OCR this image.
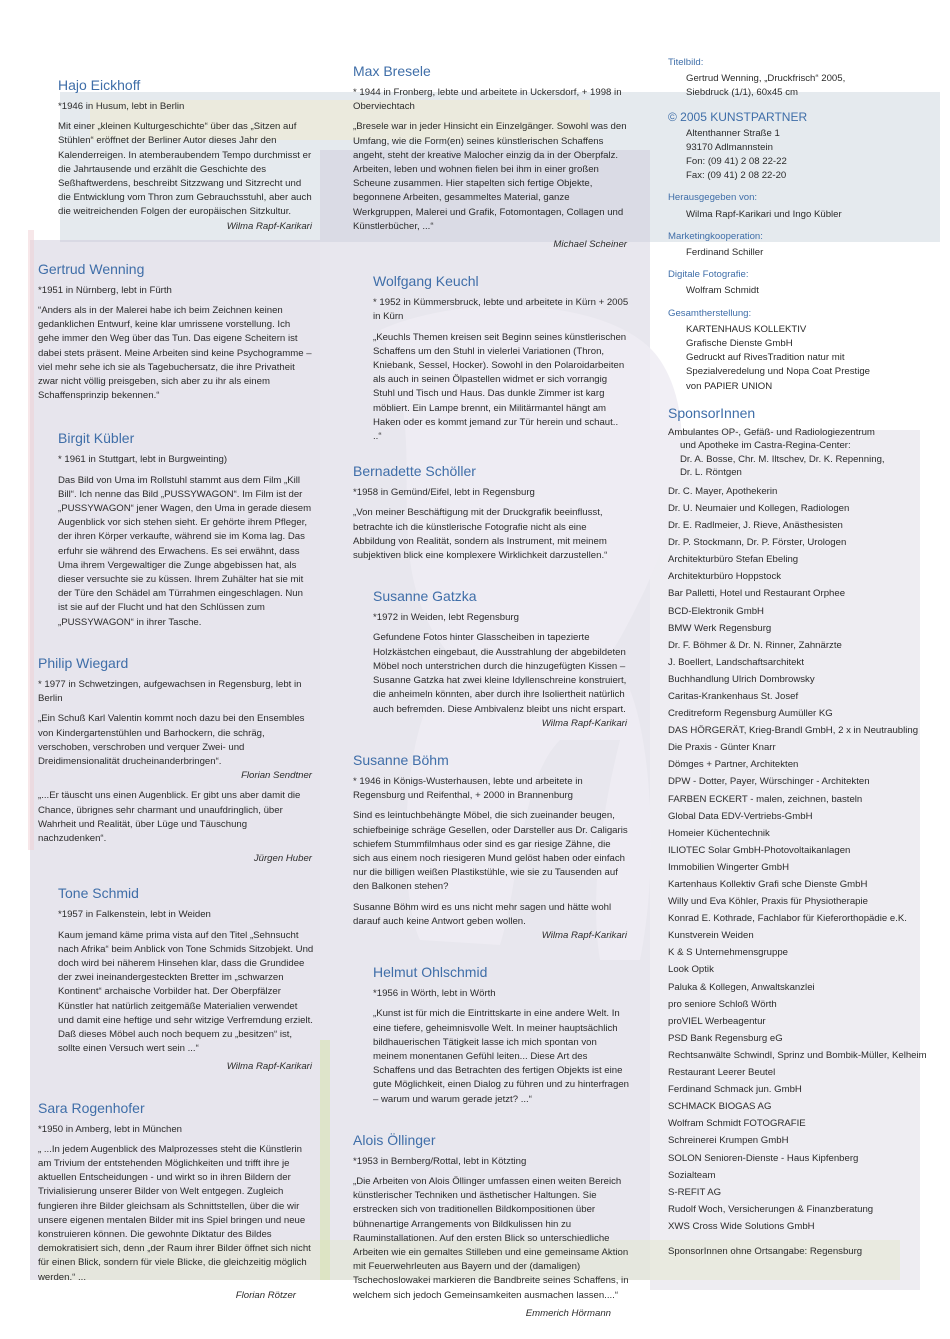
Hajo Eickhoff
*1946 in Husum, lebt in Berlin

Mit einer „kleinen Kulturgeschichte“ über das „Sitzen auf Stühlen“ eröffnet der Berliner Autor dieses Jahr den Kalenderreigen. In atemberaubendem Tempo durchmisst er die Jahrtausende und erzählt die Geschichte des Seßhaftwerdens, beschreibt Sitzzwang und Sitzrecht und die Entwicklung vom Thron zum Gebrauchsstuhl, aber auch die weitreichenden Folgen der europäischen Sitzkultur.

Wilma Rapf-Karikari

Gertrud Wenning
*1951 in Nürnberg, lebt in Fürth

“Anders als in der Malerei habe ich beim Zeichnen keinen gedanklichen Entwurf, keine klar umrissene vorstellung. Ich gehe immer den Weg über das Tun. Das eigene Scheitern ist dabei stets präsent. Meine Arbeiten sind keine Psychogramme – viel mehr sehe ich sie als Tagebuchersatz, die ihre Privatheit zwar nicht völlig preisgeben, sich aber zu ihr als einem Schaffensprinzip bekennen.“

Birgit Kübler
* 1961 in Stuttgart, lebt in Burgweinting)

Das Bild von Uma im Rollstuhl stammt aus dem Film „Kill Bill“. Ich nenne das Bild „PUSSYWAGON“. Im Film ist der „PUSSYWAGON“ jener Wagen, den Uma in gerade diesem Augenblick vor sich stehen sieht. Er gehörte ihrem Pfleger, der ihren Körper verkaufte, während sie im Koma lag. Das erfuhr sie während des Erwachens. Es sei erwähnt, dass Uma ihrem Vergewaltiger die Zunge abgebissen hat, als dieser versuchte sie zu küssen. Ihrem Zuhälter hat sie mit der Türe den Schädel am Türrahmen eingeschlagen. Nun ist sie auf der Flucht und hat den Schlüssen zum „PUSSYWAGON“ in ihrer Tasche.

Philip Wiegard
* 1977 in Schwetzingen, aufgewachsen in Regensburg, lebt in Berlin

„Ein Schuß Karl Valentin kommt noch dazu bei den Ensembles von Kindergartenstühlen und Barhockern, die schräg, verschoben, verschroben und verquer Zwei- und Dreidimensionalität drucheinanderbringen“.

Florian Sendtner

„...Er täuscht uns einen Augenblick. Er gibt uns aber damit die Chance, übrignes sehr charmant und unaufdringlich, über Wahrheit und Realität, über Lüge und Täuschung nachzudenken“.

Jürgen Huber

Tone Schmid
*1957 in Falkenstein, lebt in Weiden

Kaum jemand käme prima vista auf den Titel „Sehnsucht nach Afrika“ beim Anblick von Tone Schmids Sitzobjekt. Und doch wird bei näherem Hinsehen klar, dass die Grundidee der zwei ineinandergesteckten Bretter im „schwarzen Kontinent“ archaische Vorbilder hat. Der Oberpfälzer Künstler hat natürlich zeitgemäße Materialien verwendet und damit eine heftige und sehr witzige Verfremdung erzielt. Daß dieses Möbel auch noch bequem zu „besitzen“ ist, sollte einen Versuch wert sein ...“

Wilma Rapf-Karikari

Sara Rogenhofer
*1950 in Amberg, lebt in München

„ ...In jedem Augenblick des Malprozesses steht die Künstlerin am Trivium der entstehenden Möglichkeiten und trifft ihre je aktuellen Entscheidungen - und wirkt so in ihren Bildern der Trivialisierung unserer Bilder von Welt entgegen. Zugleich fungieren ihre Bilder gleichsam als Schnittstellen, über die wir unsere eigenen mentalen Bilder mit ins Spiel bringen und neue konstruieren können. Die gewohnte Diktatur des Bildes demokratisiert sich, denn „der Raum ihrer Bilder öffnet sich nicht für einen Blick, sondern für viele Blicke, die gleichzeitig möglich werden.“ ...

Florian Rötzer

Max Bresele
* 1944 in Fronberg, lebte und arbeitete in Uckersdorf, + 1998 in Oberviechtach

„Bresele war in jeder Hinsicht ein Einzelgänger. Sowohl was den Umfang, wie die Form(en) seines künstlerischen Schaffens angeht, steht der kreative Malocher einzig da in der Oberpfalz. Arbeiten, leben und wohnen fielen bei ihm in einer großen Scheune zusammen. Hier stapelten sich fertige Objekte, begonnene Arbeiten, gesammeltes Material, ganze Werkgruppen, Malerei und Grafik, Fotomontagen, Collagen und Künstlerbücher, ...“

Michael Scheiner

Wolfgang Keuchl
* 1952 in Kümmersbruck, lebte und arbeitete in Kürn + 2005 in Kürn

„Keuchls Themen kreisen seit Beginn seines künstlerischen Schaffens um den Stuhl in vielerlei Variationen (Thron, Kniebank, Sessel, Hocker). Sowohl in den Polaroidarbeiten als auch in seinen Ölpastellen widmet er sich vorrangig Stuhl und Tisch und Haus. Das dunkle Zimmer ist karg möbliert. Ein Lampe brennt, ein Militärmantel hängt am Haken oder es kommt jemand zur Tür herein und schaut.. ..“

Bernadette Schöller
*1958 in Gemünd/Eifel, lebt in Regensburg

„Von meiner Beschäftigung mit der Druckgrafik beeinflusst, betrachte ich die künstlerische Fotografie nicht als eine Abbildung von Realität, sondern als Instrument, mit meinem subjektiven blick eine komplexere Wirklichkeit darzustellen.“

Susanne Gatzka
*1972 in Weiden, lebt Regensburg

Gefundene Fotos hinter Glasscheiben in tapezierte Holzkästchen eingebaut, die Ausstrahlung der abgebildeten Möbel noch unterstrichen durch die hinzugefügten Kissen – Susanne Gatzka hat zwei kleine Idyllenschreine konstruiert, die anheimeln könnten, aber durch ihre Isoliertheit natürlich auch befremden. Diese Ambivalenz bleibt uns nicht erspart.

Wilma Rapf-Karikari

Susanne Böhm
* 1946 in Königs-Wusterhausen, lebte und arbeitete in Regensburg und Reifenthal, + 2000 in Brannenburg

Sind es leintuchbehängte Möbel, die sich zueinander beugen, schiefbeinige schräge Gesellen, oder Darsteller aus Dr. Caligaris schiefem Stummfilmhaus oder sind es gar riesige Zähne, die sich aus einem noch riesigeren Mund gelöst haben oder einfach nur die billigen weißen Plastikstühle, wie sie zu Tausenden auf den Balkonen stehen?

Susanne Böhm wird es uns nicht mehr sagen und hätte wohl darauf auch keine Antwort geben wollen.

Wilma Rapf-Karikari

Helmut Ohlschmid
*1956 in Wörth, lebt in Wörth

„Kunst ist für mich die Eintrittskarte in eine andere Welt. In eine tiefere, geheimnisvolle Welt. In meiner hauptsächlich bildhauerischen Tätigkeit lasse ich mich spontan von meinem monentanen Gefühl leiten... Diese Art des Schaffens und das Betrachten des fertigen Objekts ist eine gute Möglichkeit, einen Dialog zu führen und zu hinterfragen – warum und warum gerade jetzt? ...“

Alois Öllinger
*1953 in Bernberg/Rottal, lebt in Kötzting

„Die Arbeiten von Alois Öllinger umfassen einen weiten Bereich künstlerischer Techniken und ästhetischer Haltungen. Sie erstrecken sich von traditionellen Bildkompositionen über bühnenartige Arrangements von Bildkulissen hin zu Rauminstallationen. Auf den ersten Blick so unterschiedliche Arbeiten wie ein gemaltes Stilleben und eine gemeinsame Aktion mit Feuerwehrleuten aus Bayern und der (damaligen) Tschechoslowakei markieren die Bandbreite seines Schaffens, in welchem sich jedoch Gemeinsamkeiten ausmachen lassen....“

Emmerich Hörmann

Titelbild:
Gertrud Wenning, „Druckfrisch“ 2005,
Siebdruck (1/1), 60x45 cm
© 2005 KUNSTPARTNER
Altenthanner Straße 1
93170 Adlmannstein
Fon: (09 41) 2 08 22-22
Fax: (09 41) 2 08 22-20
Herausgegeben von:
Wilma Rapf-Karikari und Ingo Kübler
Marketingkooperation:
Ferdinand Schiller
Digitale Fotografie:
Wolfram Schmidt
Gesamtherstellung:
KARTENHAUS KOLLEKTIV
Grafische Dienste GmbH
Gedruckt auf RivesTradition natur mit
Spezialveredelung und Nopa Coat Prestige
von PAPIER UNION
SponsorInnen
Ambulantes OP-, Gefäß- und Radiologiezentrum
und Apotheke im Castra-Regina-Center:
Dr. A. Bosse, Chr. M. Iltschev, Dr. K. Repenning,
Dr. L. Röntgen
Dr. C. Mayer, Apothekerin
Dr. U. Neumaier und Kollegen, Radiologen
Dr. E. Radlmeier, J. Rieve, Anästhesisten
Dr. P. Stockmann, Dr. P. Förster, Urologen
Architekturbüro Stefan Ebeling
Architekturbüro Hoppstock
Bar Palletti, Hotel und Restaurant Orphee
BCD-Elektronik GmbH
BMW Werk Regensburg
Dr. F. Böhmer & Dr. N. Rinner, Zahnärzte
J. Boellert, Landschaftsarchitekt
Buchhandlung Ulrich Dombrowsky
Caritas-Krankenhaus St. Josef
Creditreform Regensburg Aumüller KG
DAS HÖRGERÄT, Krieg-Brandl GmbH, 2 x in Neutraubling
Die Praxis - Günter Knarr
Dömges + Partner, Architekten
DPW - Dotter, Payer, Würschinger - Architekten
FARBEN ECKERT - malen, zeichnen, basteln
Global Data EDV-Vertriebs-GmbH
Homeier Küchentechnik
ILIOTEC Solar GmbH-Photovoltaikanlagen
Immobilien Wingerter GmbH
Kartenhaus Kollektiv Grafi sche Dienste GmbH
Willy und Eva Köhler, Praxis für Physiotherapie
Konrad E. Kothrade, Fachlabor für Kieferorthopädie e.K.
Kunstverein Weiden
K & S Unternehmensgruppe
Look Optik
Paluka & Kollegen, Anwaltskanzlei
pro seniore Schloß Wörth
proVIEL Werbeagentur
PSD Bank Regensburg eG
Rechtsanwälte Schwindl, Sprinz und Bombik-Müller, Kelheim
Restaurant Leerer Beutel
Ferdinand Schmack jun. GmbH
SCHMACK BIOGAS AG
Wolfram Schmidt FOTOGRAFIE
Schreinerei Krumpen GmbH
SOLON Senioren-Dienste - Haus Kipfenberg
Sozialteam
S-REFIT AG
Rudolf Woch, Versicherungen & Finanzberatung
XWS Cross Wide Solutions GmbH
SponsorInnen ohne Ortsangabe: Regensburg
